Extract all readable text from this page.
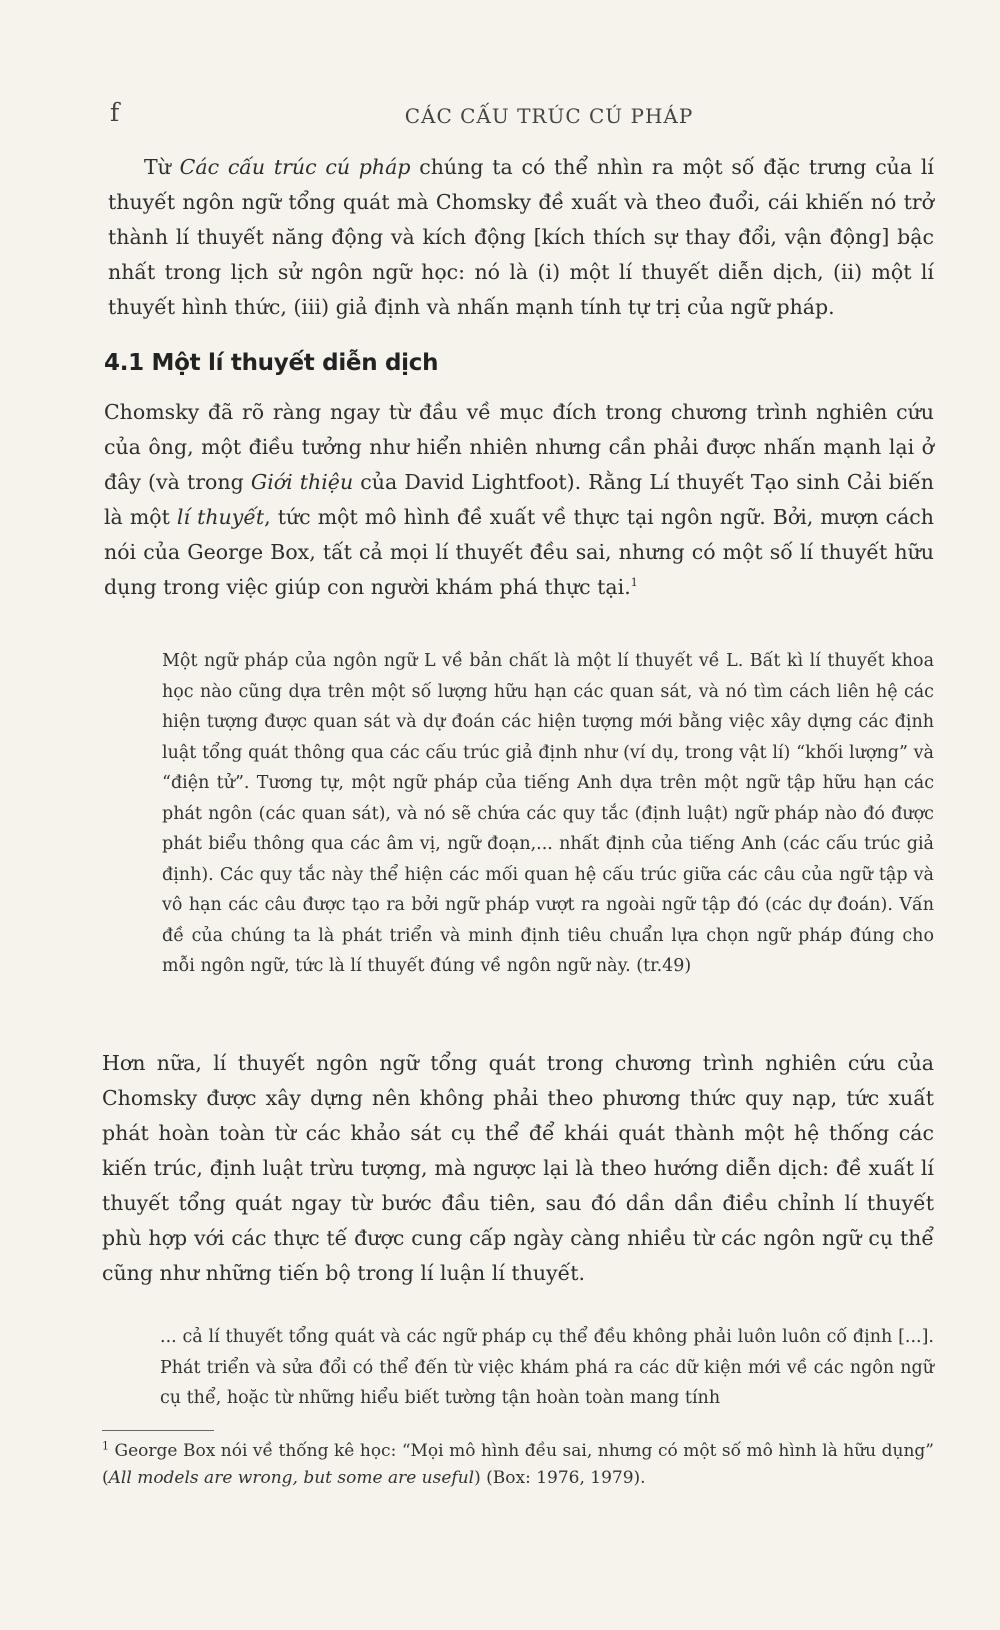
f	CÁC CẤU TRÚC CÚ PHÁP

Từ Các cấu trúc cú pháp chúng ta có thể nhìn ra một số đặc trưng của lí thuyết ngôn ngữ tổng quát mà Chomsky đề xuất và theo đuổi, cái khiến nó trở thành lí thuyết năng động và kích động [kích thích sự thay đổi, vận động] bậc nhất trong lịch sử ngôn ngữ học: nó là (i) một lí thuyết diễn dịch, (ii) một lí thuyết hình thức, (iii) giả định và nhấn mạnh tính tự trị của ngữ pháp.

4.1 Một lí thuyết diễn dịch

Chomsky đã rõ ràng ngay từ đầu về mục đích trong chương trình nghiên cứu của ông, một điều tưởng như hiển nhiên nhưng cần phải được nhấn mạnh lại ở đây (và trong Giới thiệu của David Lightfoot). Rằng Lí thuyết Tạo sinh Cải biến là một lí thuyết, tức một mô hình đề xuất về thực tại ngôn ngữ. Bởi, mượn cách nói của George Box, tất cả mọi lí thuyết đều sai, nhưng có một số lí thuyết hữu dụng trong việc giúp con người khám phá thực tại.$^1$

Một ngữ pháp của ngôn ngữ L về bản chất là một lí thuyết về L. Bất kì lí thuyết khoa học nào cũng dựa trên một số lượng hữu hạn các quan sát, và nó tìm cách liên hệ các hiện tượng được quan sát và dự đoán các hiện tượng mới bằng việc xây dựng các định luật tổng quát thông qua các cấu trúc giả định như (ví dụ, trong vật lí) “khối lượng” và “điện tử”. Tương tự, một ngữ pháp của tiếng Anh dựa trên một ngữ tập hữu hạn các phát ngôn (các quan sát), và nó sẽ chứa các quy tắc (định luật) ngữ pháp nào đó được phát biểu thông qua các âm vị, ngữ đoạn,... nhất định của tiếng Anh (các cấu trúc giả định). Các quy tắc này thể hiện các mối quan hệ cấu trúc giữa các câu của ngữ tập và vô hạn các câu được tạo ra bởi ngữ pháp vượt ra ngoài ngữ tập đó (các dự đoán). Vấn đề của chúng ta là phát triển và minh định tiêu chuẩn lựa chọn ngữ pháp đúng cho mỗi ngôn ngữ, tức là lí thuyết đúng về ngôn ngữ này. (tr.49)

Hơn nữa, lí thuyết ngôn ngữ tổng quát trong chương trình nghiên cứu của Chomsky được xây dựng nên không phải theo phương thức quy nạp, tức xuất phát hoàn toàn từ các khảo sát cụ thể để khái quát thành một hệ thống các kiến trúc, định luật trừu tượng, mà ngược lại là theo hướng diễn dịch: đề xuất lí thuyết tổng quát ngay từ bước đầu tiên, sau đó dần dần điều chỉnh lí thuyết phù hợp với các thực tế được cung cấp ngày càng nhiều từ các ngôn ngữ cụ thể cũng như những tiến bộ trong lí luận lí thuyết.

... cả lí thuyết tổng quát và các ngữ pháp cụ thể đều không phải luôn luôn cố định [...]. Phát triển và sửa đổi có thể đến từ việc khám phá ra các dữ kiện mới về các ngôn ngữ cụ thể, hoặc từ những hiểu biết tường tận hoàn toàn mang tính

$^1$ George Box nói về thống kê học: “Mọi mô hình đều sai, nhưng có một số mô hình là hữu dụng” (All models are wrong, but some are useful) (Box: 1976, 1979).
